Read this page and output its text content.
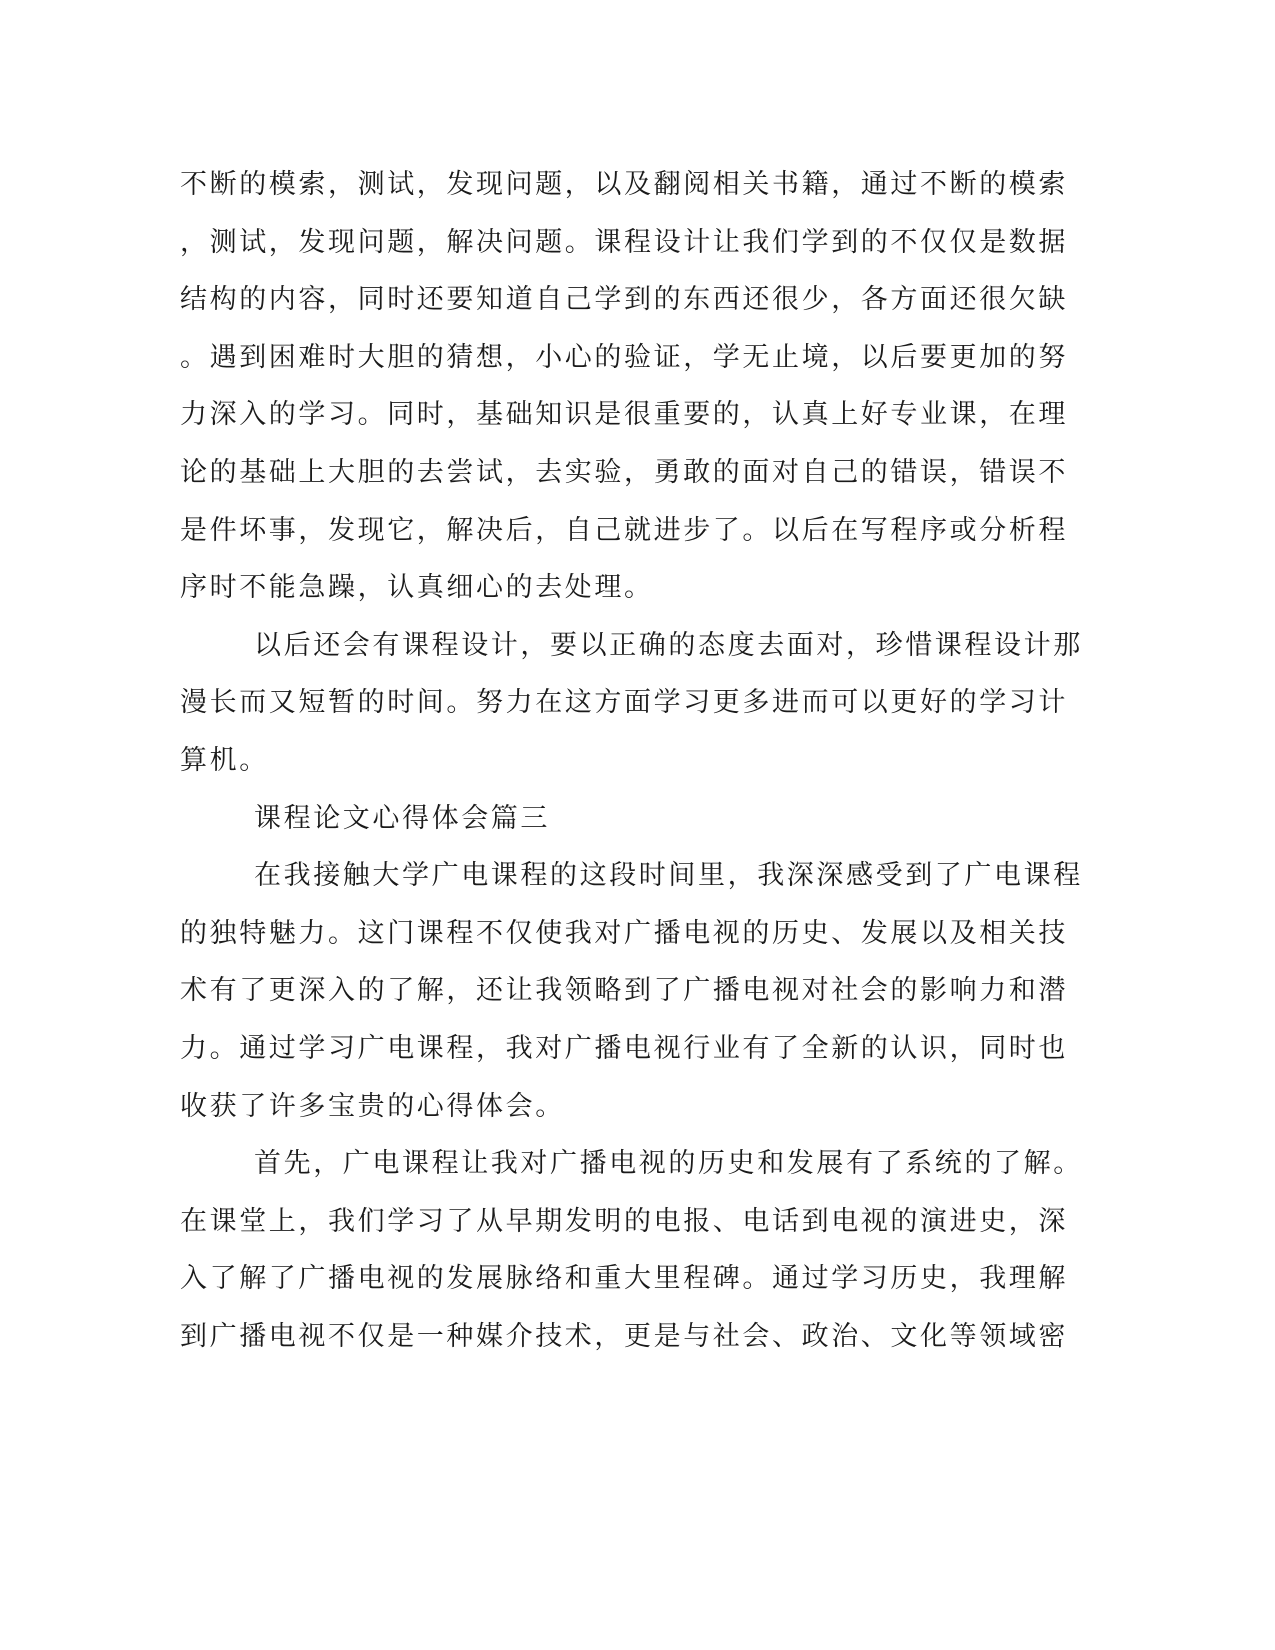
不断的模索，测试，发现问题，以及翻阅相关书籍，通过不断的模索
，测试，发现问题，解决问题。课程设计让我们学到的不仅仅是数据
结构的内容，同时还要知道自己学到的东西还很少，各方面还很欠缺
。遇到困难时大胆的猜想，小心的验证，学无止境，以后要更加的努
力深入的学习。同时，基础知识是很重要的，认真上好专业课，在理
论的基础上大胆的去尝试，去实验，勇敢的面对自己的错误，错误不
是件坏事，发现它，解决后，自己就进步了。以后在写程序或分析程
序时不能急躁，认真细心的去处理。
以后还会有课程设计，要以正确的态度去面对，珍惜课程设计那
漫长而又短暂的时间。努力在这方面学习更多进而可以更好的学习计
算机。
课程论文心得体会篇三
在我接触大学广电课程的这段时间里，我深深感受到了广电课程
的独特魅力。这门课程不仅使我对广播电视的历史、发展以及相关技
术有了更深入的了解，还让我领略到了广播电视对社会的影响力和潜
力。通过学习广电课程，我对广播电视行业有了全新的认识，同时也
收获了许多宝贵的心得体会。
首先，广电课程让我对广播电视的历史和发展有了系统的了解。
在课堂上，我们学习了从早期发明的电报、电话到电视的演进史，深
入了解了广播电视的发展脉络和重大里程碑。通过学习历史，我理解
到广播电视不仅是一种媒介技术，更是与社会、政治、文化等领域密
